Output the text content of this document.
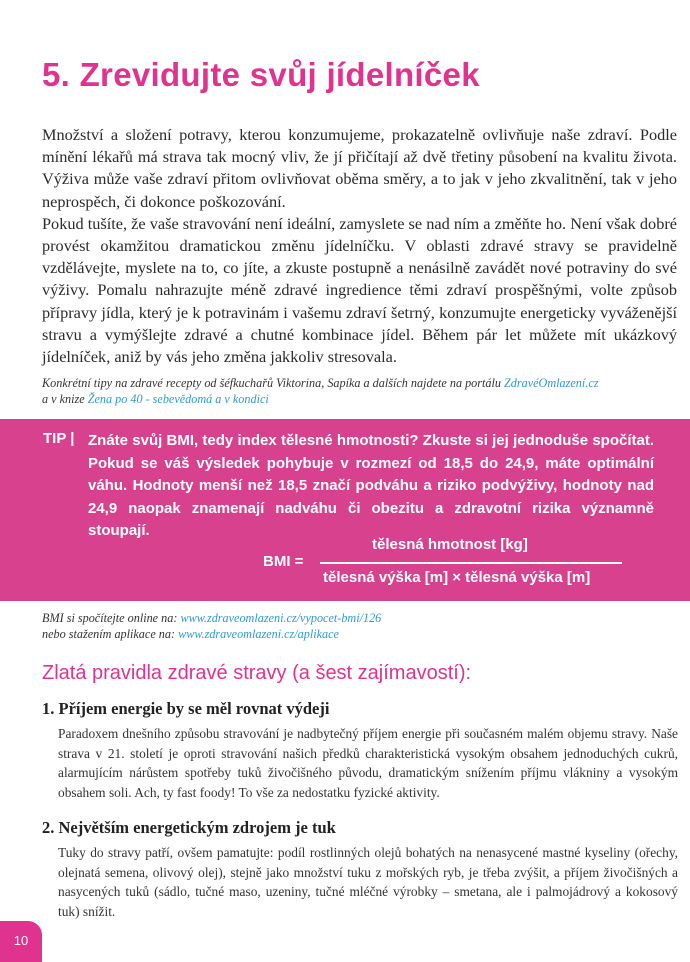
5. Zrevidujte svůj jídelníček

Množství a složení potravy, kterou konzumujeme, prokazatelně ovlivňuje naše zdraví. Podle mínění lékařů má strava tak mocný vliv, že jí přičítají až dvě třetiny působení na kvalitu života. Výživa může vaše zdraví přitom ovlivňovat oběma směry, a to jak v jeho zkvalitnění, tak v jeho neprospěch, či dokonce poškozování.

Pokud tušíte, že vaše stravování není ideální, zamyslete se nad ním a změňte ho. Není však dobré provést okamžitou dramatickou změnu jídelníčku. V oblasti zdravé stravy se pravidelně vzdělávejte, myslete na to, co jíte, a zkuste postupně a nenásilně zavádět nové potraviny do své výživy. Pomalu nahrazujte méně zdravé ingredience těmi zdraví prospěšnými, volte způsob přípravy jídla, který je k potravinám i vašemu zdraví šetrný, konzumujte energeticky vyváženější stravu a vymýšlejte zdravé a chutné kombinace jídel. Během pár let můžete mít ukázkový jídelníček, aniž by vás jeho změna jakkoliv stresovala.

Konkrétní tipy na zdravé recepty od šéfkuchařů Viktorina, Sapíka a dalších najdete na portálu ZdravéOmlazení.cz
a v knize Žena po 40 - sebevědomá a v kondici
TIP | Znáte svůj BMI, tedy index tělesné hmotnosti? Zkuste si jej jednoduše spočítat. Pokud se váš výsledek pohybuje v rozmezí od 18,5 do 24,9, máte optimální váhu. Hodnoty menší než 18,5 značí podváhu a riziko podvýživy, hodnoty nad 24,9 naopak znamenají nadváhu či obezitu a zdravotní rizika významně stoupají.
BMI =
tělesná hmotnost [kg]
tělesná výška [m] × tělesná výška [m]
BMI si spočítejte online na: www.zdraveomlazeni.cz/vypocet-bmi/126
nebo stažením aplikace na: www.zdraveomlazeni.cz/aplikace
Zlatá pravidla zdravé stravy (a šest zajímavostí):
1. Příjem energie by se měl rovnat výdeji

Paradoxem dnešního způsobu stravování je nadbytečný příjem energie při současném malém objemu stravy. Naše strava v 21. století je oproti stravování našich předků charakteristická vysokým obsahem jednoduchých cukrů, alarmujícím nárůstem spotřeby tuků živočišného původu, dramatickým snížením příjmu vlákniny a vysokým obsahem soli. Ach, ty fast foody! To vše za nedostatku fyzické aktivity.

2. Největším energetickým zdrojem je tuk

Tuky do stravy patří, ovšem pamatujte: podíl rostlinných olejů bohatých na nenasycené mastné kyseliny (ořechy, olejnatá semena, olivový olej), stejně jako množství tuku z mořských ryb, je třeba zvýšit, a příjem živočišných a nasycených tuků (sádlo, tučné maso, uzeniny, tučné mléčné výrobky – smetana, ale i palmojádrový a kokosový tuk) snížit.

10
